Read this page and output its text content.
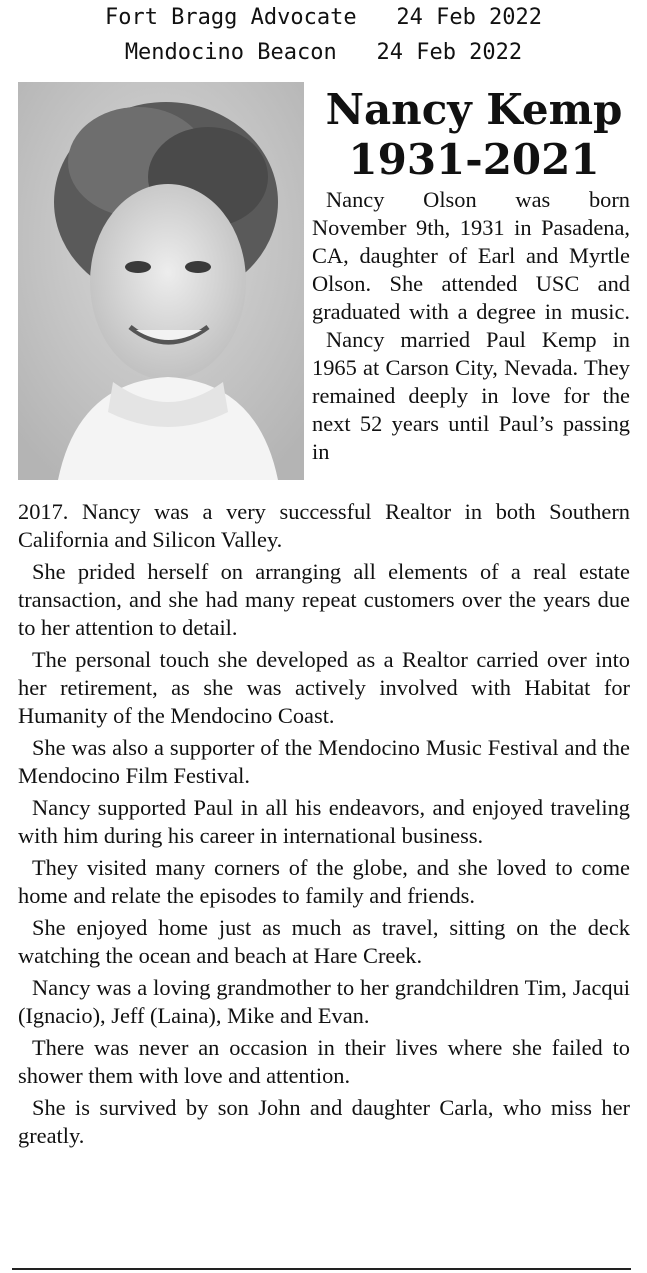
Fort Bragg Advocate   24 Feb 2022
Mendocino Beacon   24 Feb 2022
Nancy Kemp
1931-2021

Nancy Olson was born November 9th, 1931 in Pasadena, CA, daughter of Earl and Myrtle Olson. She attended USC and graduated with a degree in music.

Nancy married Paul Kemp in 1965 at Carson City, Nevada. They remained deeply in love for the next 52 years until Paul’s passing in

2017. Nancy was a very successful Realtor in both Southern California and Silicon Valley.

She prided herself on arranging all elements of a real estate transaction, and she had many repeat customers over the years due to her attention to detail.

The personal touch she developed as a Realtor carried over into her retirement, as she was actively involved with Habitat for Humanity of the Mendocino Coast.

She was also a supporter of the Mendocino Music Festival and the Mendocino Film Festival.

Nancy supported Paul in all his endeavors, and enjoyed traveling with him during his career in international business.

They visited many corners of the globe, and she loved to come home and relate the episodes to family and friends.

She enjoyed home just as much as travel, sitting on the deck watching the ocean and beach at Hare Creek.

Nancy was a loving grandmother to her grandchildren Tim, Jacqui (Ignacio), Jeff (Laina), Mike and Evan.

There was never an occasion in their lives where she failed to shower them with love and attention.

She is survived by son John and daughter Carla, who miss her greatly.
